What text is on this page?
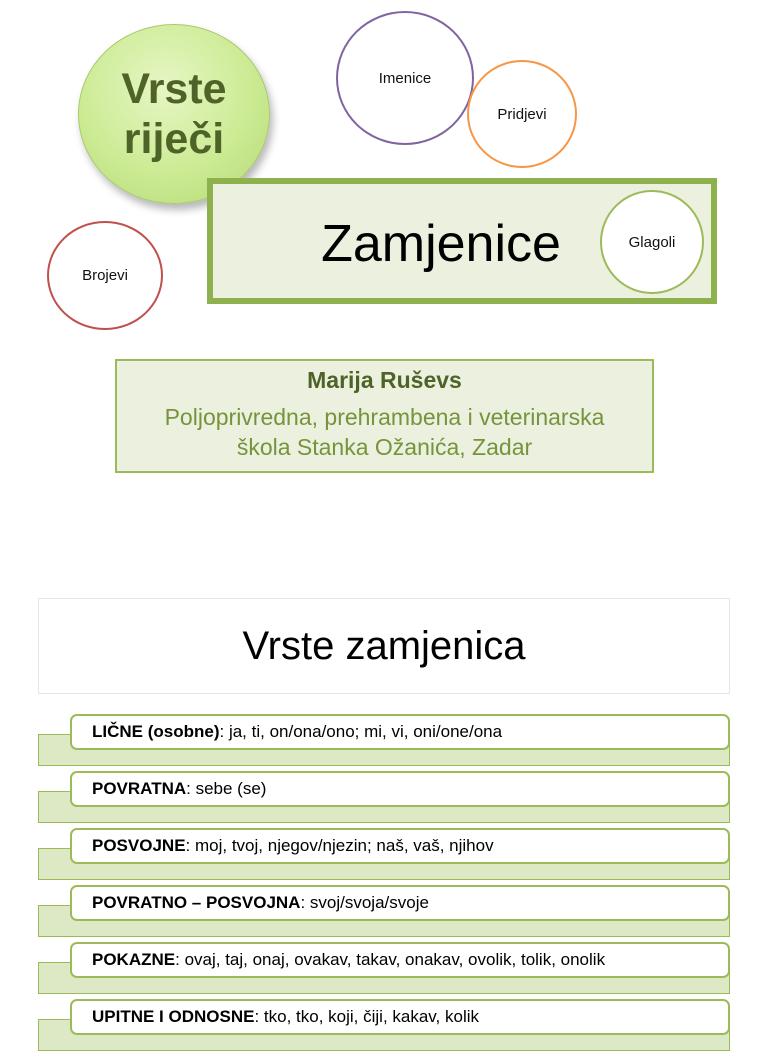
Vrste
riječi
Imenice
Pridjevi
Brojevi
Zamjenice	Glagoli
Marija Ruševs
Poljoprivredna, prehrambena i veterinarska
škola Stanka Ožanića, Zadar
Vrste zamjenica
LIČNE (osobne) : ja, ti, on/ona/ono; mi, vi, oni/one/ona
POVRATNA : sebe (se)
POSVOJNE : moj, tvoj, njegov/njezin; naš, vaš, njihov
POVRATNO – POSVOJNA : svoj/svoja/svoje
POKAZNE : ovaj, taj, onaj, ovakav, takav, onakav, ovolik, tolik, onolik
UPITNE I ODNOSNE : tko, tko, koji, čiji, kakav, kolik
